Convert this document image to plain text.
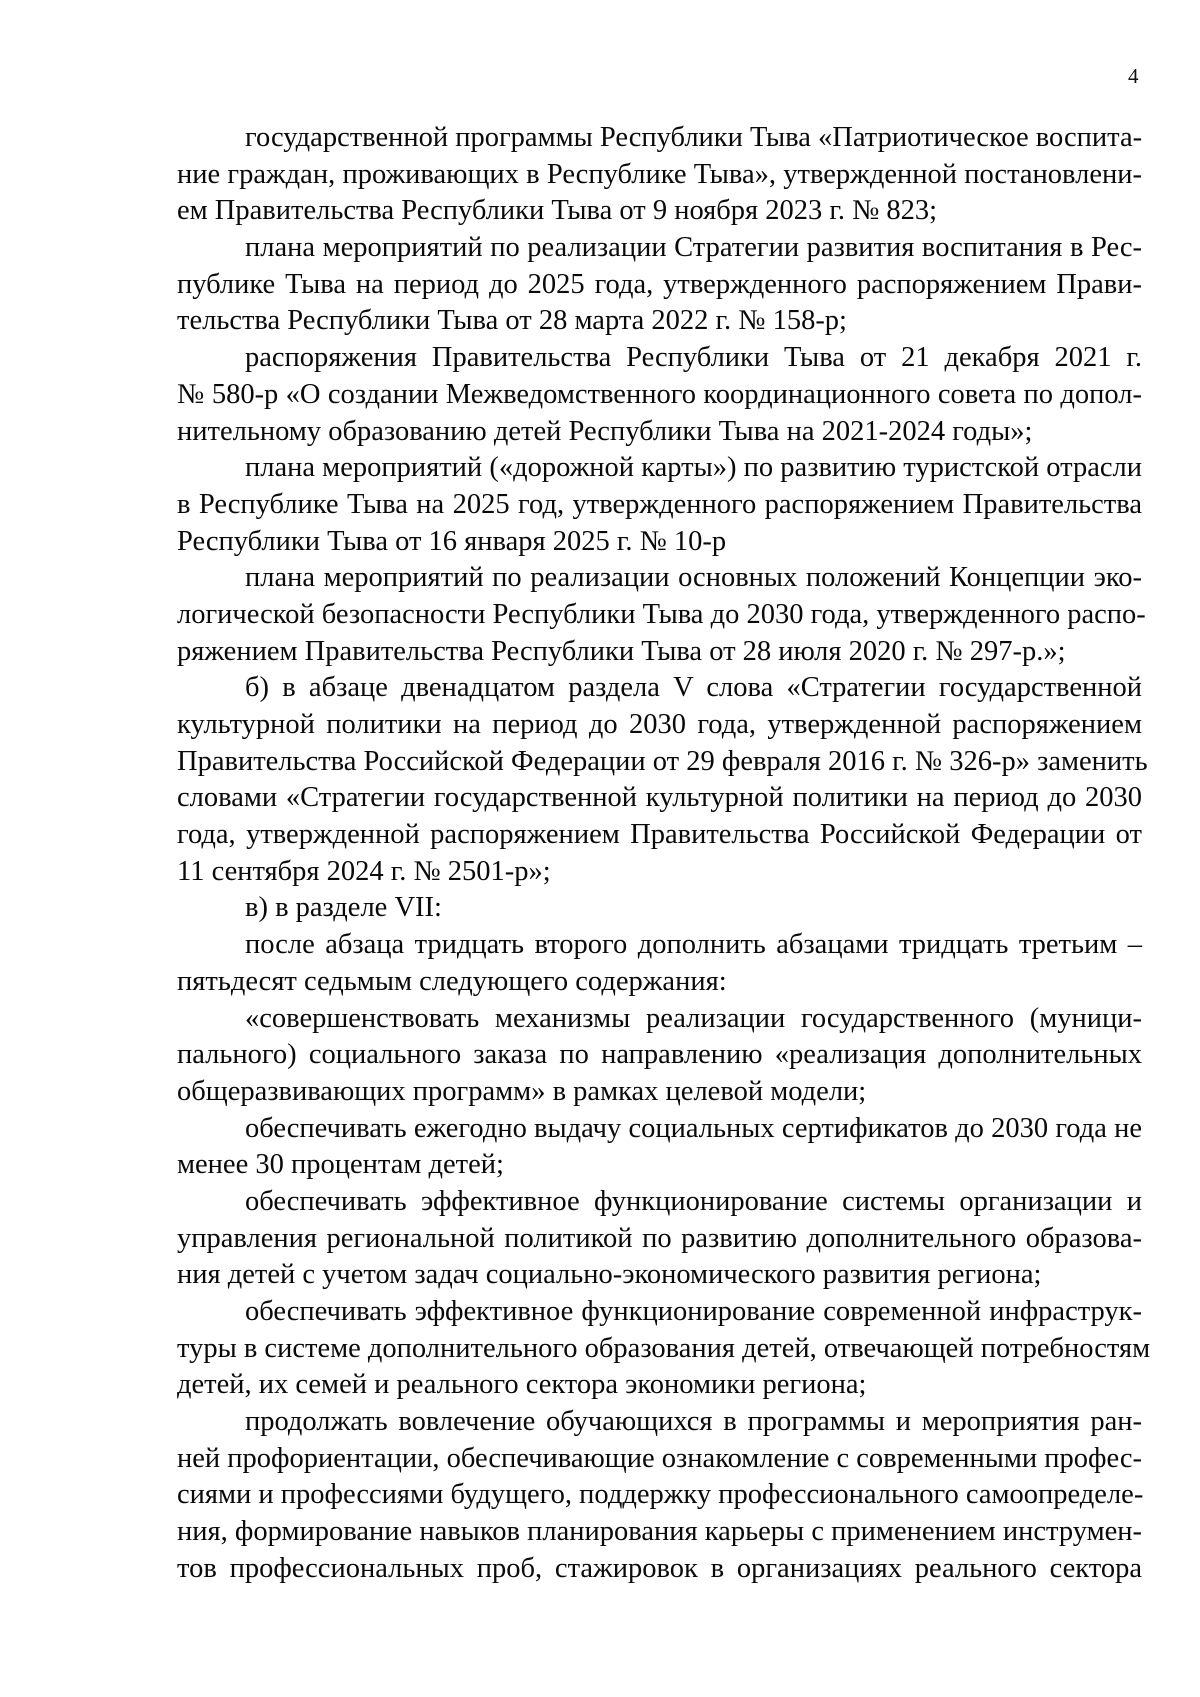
4
государственной программы Республики Тыва «Патриотическое воспита-
ние граждан, проживающих в Республике Тыва», утвержденной постановлени-
ем Правительства Республики Тыва от 9 ноября 2023 г. № 823;
плана мероприятий по реализации Стратегии развития воспитания в Рес-
публике Тыва на период до 2025 года, утвержденного распоряжением Прави-
тельства Республики Тыва от 28 марта 2022 г. № 158-р;
распоряжения Правительства Республики Тыва от 21 декабря 2021 г.
№ 580-р «О создании Межведомственного координационного совета по допол-
нительному образованию детей Республики Тыва на 2021-2024 годы»;
плана мероприятий («дорожной карты») по развитию туристской отрасли
в Республике Тыва на 2025 год, утвержденного распоряжением Правительства
Республики Тыва от 16 января 2025 г. № 10-р
плана мероприятий по реализации основных положений Концепции эко-
логической безопасности Республики Тыва до 2030 года, утвержденного распо-
ряжением Правительства Республики Тыва от 28 июля 2020 г. № 297-р.»;
б) в абзаце двенадцатом раздела V слова «Стратегии государственной
культурной политики на период до 2030 года, утвержденной распоряжением
Правительства Российской Федерации от 29 февраля 2016 г. № 326-р» заменить
словами «Стратегии государственной культурной политики на период до 2030
года, утвержденной распоряжением Правительства Российской Федерации от
11 сентября 2024 г. № 2501-р»;
в) в разделе VII:
после абзаца тридцать второго дополнить абзацами тридцать третьим –
пятьдесят седьмым следующего содержания:
«совершенствовать механизмы реализации государственного (муници-
пального) социального заказа по направлению «реализация дополнительных
общеразвивающих программ» в рамках целевой модели;
обеспечивать ежегодно выдачу социальных сертификатов до 2030 года не
менее 30 процентам детей;
обеспечивать эффективное функционирование системы организации и
управления региональной политикой по развитию дополнительного образова-
ния детей с учетом задач социально-экономического развития региона;
обеспечивать эффективное функционирование современной инфраструк-
туры в системе дополнительного образования детей, отвечающей потребностям
детей, их семей и реального сектора экономики региона;
продолжать вовлечение обучающихся в программы и мероприятия ран-
ней профориентации, обеспечивающие ознакомление с современными профес-
сиями и профессиями будущего, поддержку профессионального самоопределе-
ния, формирование навыков планирования карьеры с применением инструмен-
тов профессиональных проб, стажировок в организациях реального сектора
